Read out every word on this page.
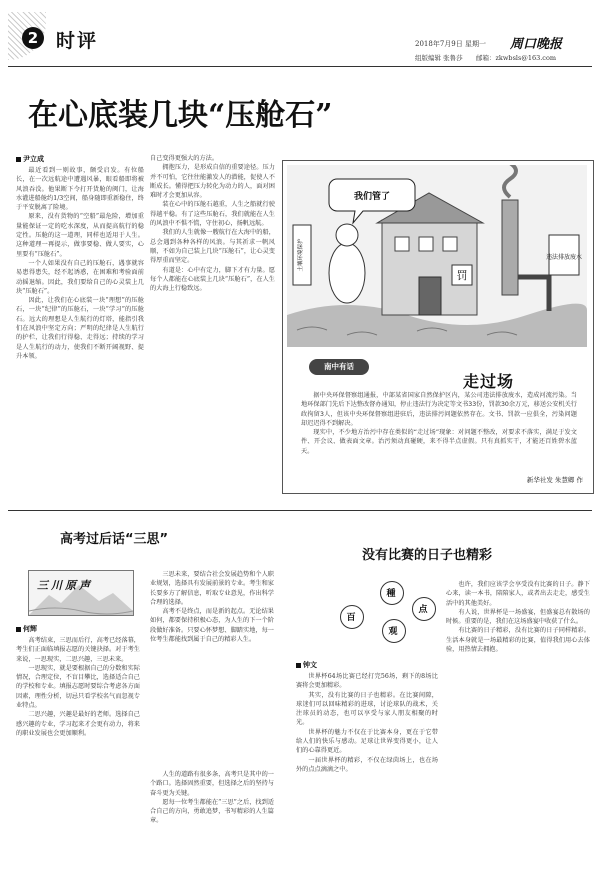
2 时评	2018年7月9日 星期一 周口晚报
组版编辑 张鲁莎 邮箱：zkwbsls@163.com
在心底装几块“压舱石”
尹立成

最近看到一则故事，颇受启发。有位船长，在一次远航途中遭遇风暴，眼看船即将被风浪吞没。他果断下令打开货舱的阀门，让海水灌进船舱约1/3空间，船身随即重新稳住，终于平安脱离了险境。

原来，没有货物的“空船”最危险，增加重量能保证一定的吃水深度，从而提高航行的稳定性。压舱的这一道理，同样也适用于人生。这种道理一再提示，做事要稳、做人要实，心里要有“压舱石”。

一个人如果没有自己的压舱石，遇事就容易患得患失，经不起诱惑，在困难和考验面前动摇退缩。因此，我们要给自己的心灵装上几块“压舱石”。

因此，让我们在心底装一块“理想”的压舱石，一块“纪律”的压舱石，一块“学习”的压舱石。远大的理想是人生航行的灯塔，能指引我们在风浪中坚定方向；严明的纪律是人生航行的护栏，让我们行得稳、走得远；持续的学习是人生航行的动力，使我们不断开阔视野、提升本领。

自己变得更强大的方法。

拥抱压力，是形成自信的重要途径。压力并不可怕，它往往能激发人的潜能，促使人不断成长。懂得把压力转化为动力的人，面对困难时才会更加从容。

装在心中的压舱石越重，人生之船就行驶得越平稳。有了这些压舱石，我们就能在人生的风浪中不惧不慌，守住初心，扬帆远航。

我们的人生就像一艘航行在大海中的船，总会遇到各种各样的风浪。与其祈求一帆风顺，不如为自己装上几块“压舱石”，让心灵变得厚重而坚定。

有道是：心中有定力，脚下才有力量。愿每个人都能在心底装上几块“压舱石”，在人生的大海上行稳致远。

罚
违法排放废水
土壤环境保护
我们管了
南中有话
走过场

据中央环保督察组通报，中部某省国家自然保护区内，某公司违法排放废水，造成河流污染。当地环保部门先后下达整改督办通知，停止违法行为决定等文书33份，罚款30余万元，移送公安机关行政拘留3人，但该中央环保督察组进驻后，违法排污问题依然存在。文书、罚款一应俱全，污染问题却迟迟得不到解决。

现实中，不少地方治污中存在类似的“走过场”现象：对问题不整改，对要求不落实，满足于发文件、开会议、做表面文章。治污须动真碰硬，来不得半点虚假。只有真抓实干，才能还百姓碧水蓝天。

新华社发 朱慧卿 作
高考过后话“三思”
三川原声
何辉

高考结束，三思而后行，高考已经落幕，考生们正面临填报志愿的关键抉择。对于考生来说，一思现实，二思兴趣，三思未来。

一思现实，就是要根据自己的分数和实际情况，合理定位，不盲目攀比，选择适合自己的学校和专业。填报志愿时要综合考虑各方面因素，理性分析，切忌只看学校名气而忽视专业特点。

二思兴趣，兴趣是最好的老师。选择自己感兴趣的专业，学习起来才会更有动力，将来的职业发展也会更加顺利。

三思未来，要结合社会发展趋势和个人职业规划，选择具有发展前景的专业。考生和家长要多方了解信息，听取专业意见，作出科学合理的选择。

高考不是终点，而是新的起点。无论结果如何，都要保持积极心态，为人生的下一个阶段做好准备。只要心怀梦想、脚踏实地，每一位考生都能找到属于自己的精彩人生。

人生的道路有很多条，高考只是其中的一个路口。选择固然重要，但选择之后的坚持与奋斗更为关键。

愿每一位考生都能在“三思”之后，找到适合自己的方向，勇敢追梦，书写精彩的人生篇章。

没有比赛的日子也精彩
百
種
点
观
钟文

世界杯64场比赛已经打完56场，剩下的8场比赛将会更加精彩。

其实，没有比赛的日子也精彩。在比赛间隙，球迷们可以回味精彩的进球，讨论球队的战术，关注球员的动态，也可以享受与家人朋友相聚的时光。

世界杯的魅力不仅在于比赛本身，更在于它带给人们的快乐与感动。足球让世界变得更小，让人们的心靠得更近。

一届世界杯的精彩，不仅在绿茵场上，也在场外的点点滴滴之中。

也许，我们应该学会享受没有比赛的日子。静下心来，读一本书，陪陪家人，或者出去走走，感受生活中的其他美好。

有人说，世界杯是一场盛宴，但盛宴总有散场的时候。重要的是，我们在这场盛宴中收获了什么。

有比赛的日子精彩，没有比赛的日子同样精彩。生活本身就是一场最精彩的比赛，值得我们用心去体验，用热情去拥抱。
